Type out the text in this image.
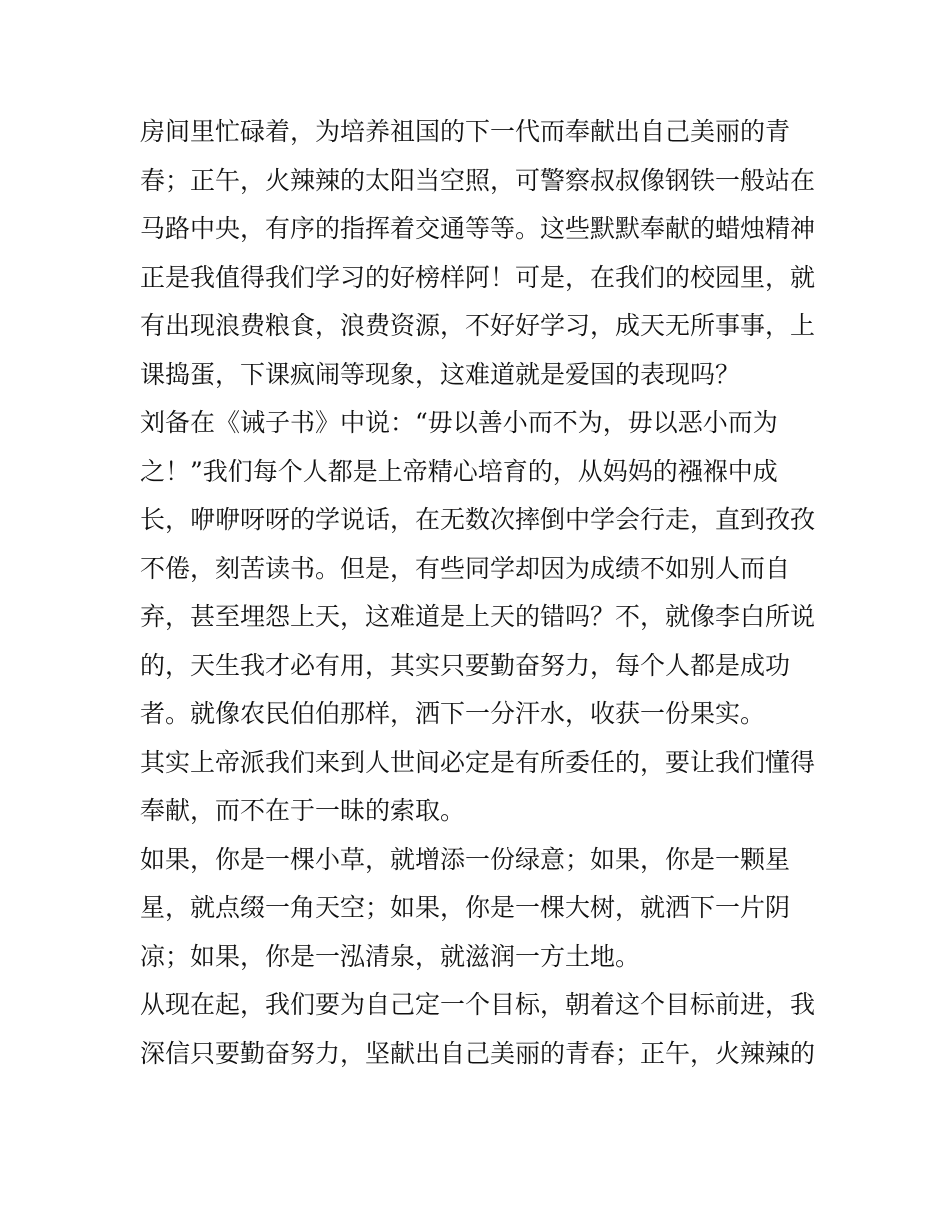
房间里忙碌着，为培养祖国的下一代而奉献出自己美丽的青
春；正午，火辣辣的太阳当空照，可警察叔叔像钢铁一般站在
马路中央，有序的指挥着交通等等。这些默默奉献的蜡烛精神
正是我值得我们学习的好榜样阿！可是，在我们的校园里，就
有出现浪费粮食，浪费资源，不好好学习，成天无所事事，上
课捣蛋，下课疯闹等现象，这难道就是爱国的表现吗？
刘备在《诫子书》中说：“毋以善小而不为，毋以恶小而为
之！”我们每个人都是上帝精心培育的，从妈妈的襁褓中成
长，咿咿呀呀的学说话，在无数次摔倒中学会行走，直到孜孜
不倦，刻苦读书。但是，有些同学却因为成绩不如别人而自
弃，甚至埋怨上天，这难道是上天的错吗？不，就像李白所说
的，天生我才必有用，其实只要勤奋努力，每个人都是成功
者。就像农民伯伯那样，洒下一分汗水，收获一份果实。
其实上帝派我们来到人世间必定是有所委任的，要让我们懂得
奉献，而不在于一昧的索取。
如果，你是一棵小草，就增添一份绿意；如果，你是一颗星
星，就点缀一角天空；如果，你是一棵大树，就洒下一片阴
凉；如果，你是一泓清泉，就滋润一方土地。
从现在起，我们要为自己定一个目标，朝着这个目标前进，我
深信只要勤奋努力，坚献出自己美丽的青春；正午，火辣辣的
